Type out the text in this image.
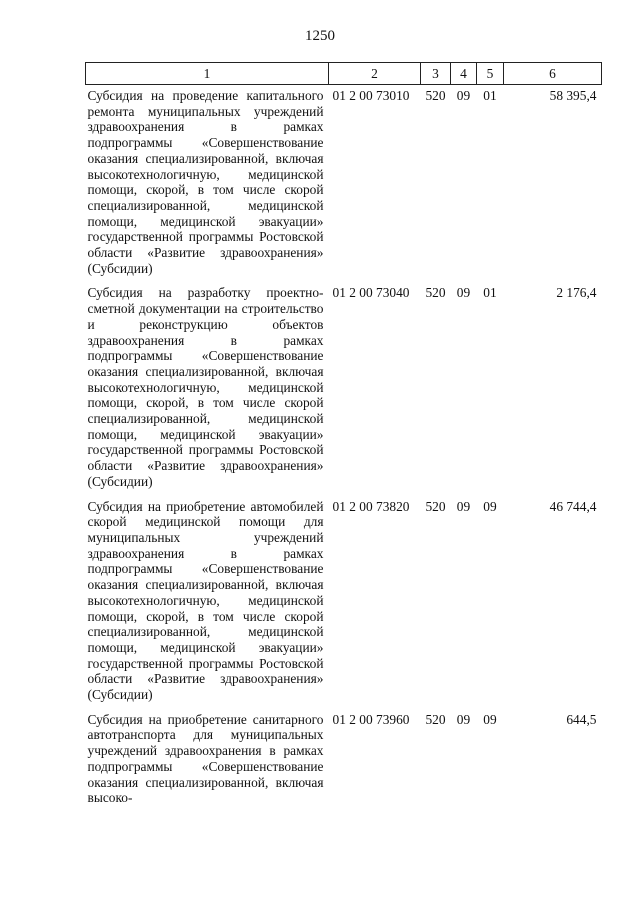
1250
1	2	3	4	5	6
Субсидия на проведение капитального ремонта муниципальных учреждений здравоохранения в рамках подпрограммы «Совершенствование оказания специализированной, включая высокотехнологичную, медицинской помощи, скорой, в том числе скорой специализированной, медицинской помощи, медицинской эвакуации» государственной программы Ростовской области «Развитие здравоохранения» (Субсидии)	01 2 00 73010	520	09	01	58 395,4
Субсидия на разработку проектно-сметной документации на строительство и реконструкцию объектов здравоохранения в рамках подпрограммы «Совершенствование оказания специализированной, включая высокотехнологичную, медицинской помощи, скорой, в том числе скорой специализированной, медицинской помощи, медицинской эвакуации» государственной программы Ростовской области «Развитие здравоохранения» (Субсидии)	01 2 00 73040	520	09	01	2 176,4
Субсидия на приобретение автомобилей скорой медицинской помощи для муниципальных учреждений здравоохранения в рамках подпрограммы «Совершенствование оказания специализированной, включая высокотехнологичную, медицинской помощи, скорой, в том числе скорой специализированной, медицинской помощи, медицинской эвакуации» государственной программы Ростовской области «Развитие здравоохранения» (Субсидии)	01 2 00 73820	520	09	09	46 744,4
Субсидия на приобретение санитарного автотранспорта для муниципальных учреждений здравоохранения в рамках подпрограммы «Совершенствование оказания специализированной, включая высоко-	01 2 00 73960	520	09	09	644,5
